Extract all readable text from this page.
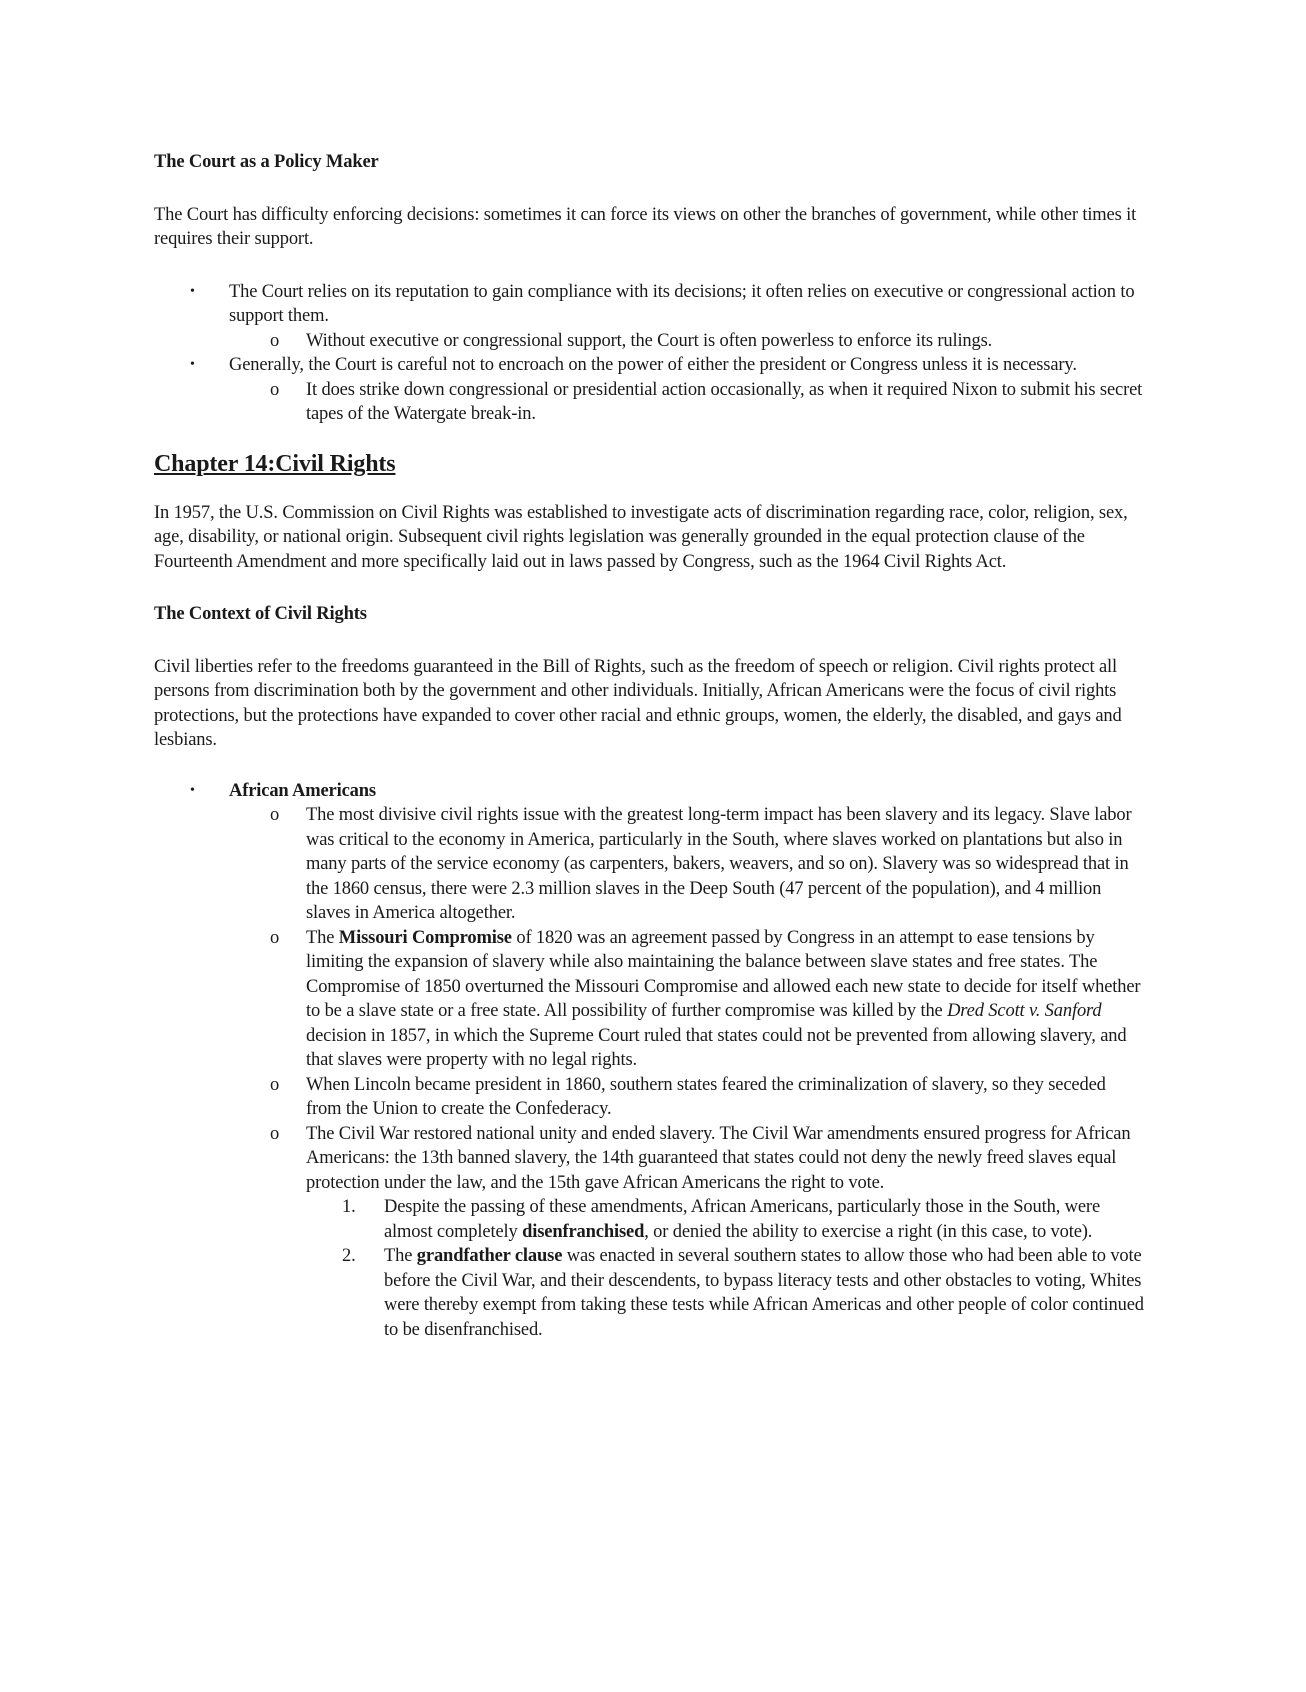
The Court as a Policy Maker

The Court has difficulty enforcing decisions: sometimes it can force its views on other the branches of government, while other times it requires their support.

• The Court relies on its reputation to gain compliance with its decisions; it often relies on executive or congressional action to support them.
o Without executive or congressional support, the Court is often powerless to enforce its rulings.
• Generally, the Court is careful not to encroach on the power of either the president or Congress unless it is necessary.
o It does strike down congressional or presidential action occasionally, as when it required Nixon to submit his secret tapes of the Watergate break-in.

Chapter 14:Civil Rights

In 1957, the U.S. Commission on Civil Rights was established to investigate acts of discrimination regarding race, color, religion, sex, age, disability, or national origin. Subsequent civil rights legislation was generally grounded in the equal protection clause of the Fourteenth Amendment and more specifically laid out in laws passed by Congress, such as the 1964 Civil Rights Act.

The Context of Civil Rights

Civil liberties refer to the freedoms guaranteed in the Bill of Rights, such as the freedom of speech or religion. Civil rights protect all persons from discrimination both by the government and other individuals. Initially, African Americans were the focus of civil rights protections, but the protections have expanded to cover other racial and ethnic groups, women, the elderly, the disabled, and gays and lesbians.

• African Americans
o The most divisive civil rights issue with the greatest long-term impact has been slavery and its legacy. Slave labor was critical to the economy in America, particularly in the South, where slaves worked on plantations but also in many parts of the service economy (as carpenters, bakers, weavers, and so on). Slavery was so widespread that in the 1860 census, there were 2.3 million slaves in the Deep South (47 percent of the population), and 4 million slaves in America altogether.
o The Missouri Compromise of 1820 was an agreement passed by Congress in an attempt to ease tensions by limiting the expansion of slavery while also maintaining the balance between slave states and free states. The Compromise of 1850 overturned the Missouri Compromise and allowed each new state to decide for itself whether to be a slave state or a free state. All possibility of further compromise was killed by the Dred Scott v. Sanford decision in 1857, in which the Supreme Court ruled that states could not be prevented from allowing slavery, and that slaves were property with no legal rights.
o When Lincoln became president in 1860, southern states feared the criminalization of slavery, so they seceded from the Union to create the Confederacy.
o The Civil War restored national unity and ended slavery. The Civil War amendments ensured progress for African Americans: the 13th banned slavery, the 14th guaranteed that states could not deny the newly freed slaves equal protection under the law, and the 15th gave African Americans the right to vote.
1. Despite the passing of these amendments, African Americans, particularly those in the South, were almost completely disenfranchised, or denied the ability to exercise a right (in this case, to vote).
2. The grandfather clause was enacted in several southern states to allow those who had been able to vote before the Civil War, and their descendents, to bypass literacy tests and other obstacles to voting, Whites were thereby exempt from taking these tests while African Americas and other people of color continued to be disenfranchised.
